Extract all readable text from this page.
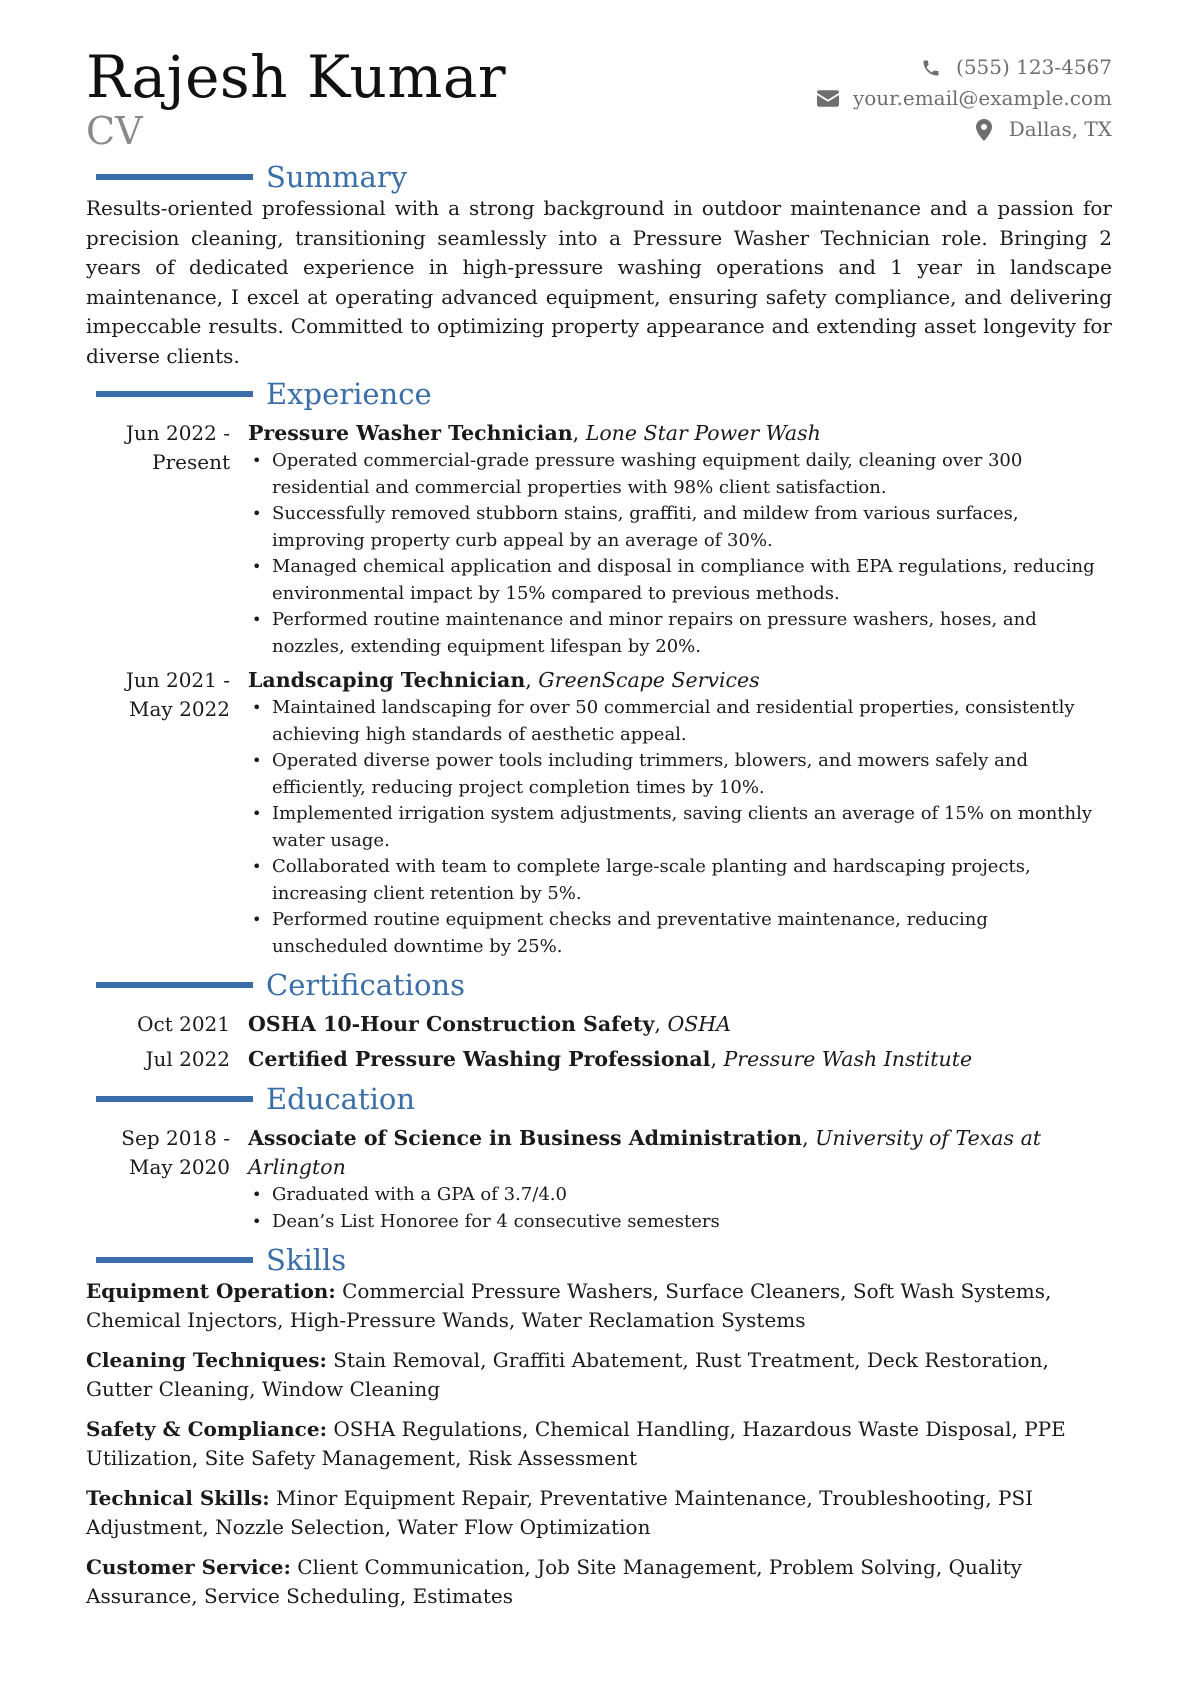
Rajesh Kumar
CV
(555) 123-4567
your.email@example.com
Dallas, TX
Summary

Results-oriented professional with a strong background in outdoor maintenance and a passion for precision cleaning, transitioning seamlessly into a Pressure Washer Technician role. Bringing 2 years of dedicated experience in high-pressure washing operations and 1 year in landscape maintenance, I excel at operating advanced equipment, ensuring safety compliance, and delivering impeccable results. Committed to optimizing property appearance and extending asset longevity for diverse clients.

Experience
Jun 2022 - Present
Pressure Washer Technician, Lone Star Power Wash
• Operated commercial-grade pressure washing equipment daily, cleaning over 300 residential and commercial properties with 98% client satisfaction.
• Successfully removed stubborn stains, graffiti, and mildew from various surfaces, improving property curb appeal by an average of 30%.
• Managed chemical application and disposal in compliance with EPA regulations, reducing environmental impact by 15% compared to previous methods.
• Performed routine maintenance and minor repairs on pressure washers, hoses, and nozzles, extending equipment lifespan by 20%.
Jun 2021 - May 2022
Landscaping Technician, GreenScape Services
• Maintained landscaping for over 50 commercial and residential properties, consistently achieving high standards of aesthetic appeal.
• Operated diverse power tools including trimmers, blowers, and mowers safely and efficiently, reducing project completion times by 10%.
• Implemented irrigation system adjustments, saving clients an average of 15% on monthly water usage.
• Collaborated with team to complete large-scale planting and hardscaping projects, increasing client retention by 5%.
• Performed routine equipment checks and preventative maintenance, reducing unscheduled downtime by 25%.
Certifications
Oct 2021 OSHA 10-Hour Construction Safety, OSHA
Jul 2022 Certified Pressure Washing Professional, Pressure Wash Institute
Education
Sep 2018 - May 2020
Associate of Science in Business Administration, University of Texas at Arlington
• Graduated with a GPA of 3.7/4.0
• Dean’s List Honoree for 4 consecutive semesters
Skills
Equipment Operation: Commercial Pressure Washers, Surface Cleaners, Soft Wash Systems, Chemical Injectors, High-Pressure Wands, Water Reclamation Systems
Cleaning Techniques: Stain Removal, Graffiti Abatement, Rust Treatment, Deck Restoration, Gutter Cleaning, Window Cleaning
Safety & Compliance: OSHA Regulations, Chemical Handling, Hazardous Waste Disposal, PPE Utilization, Site Safety Management, Risk Assessment
Technical Skills: Minor Equipment Repair, Preventative Maintenance, Troubleshooting, PSI Adjustment, Nozzle Selection, Water Flow Optimization
Customer Service: Client Communication, Job Site Management, Problem Solving, Quality Assurance, Service Scheduling, Estimates
